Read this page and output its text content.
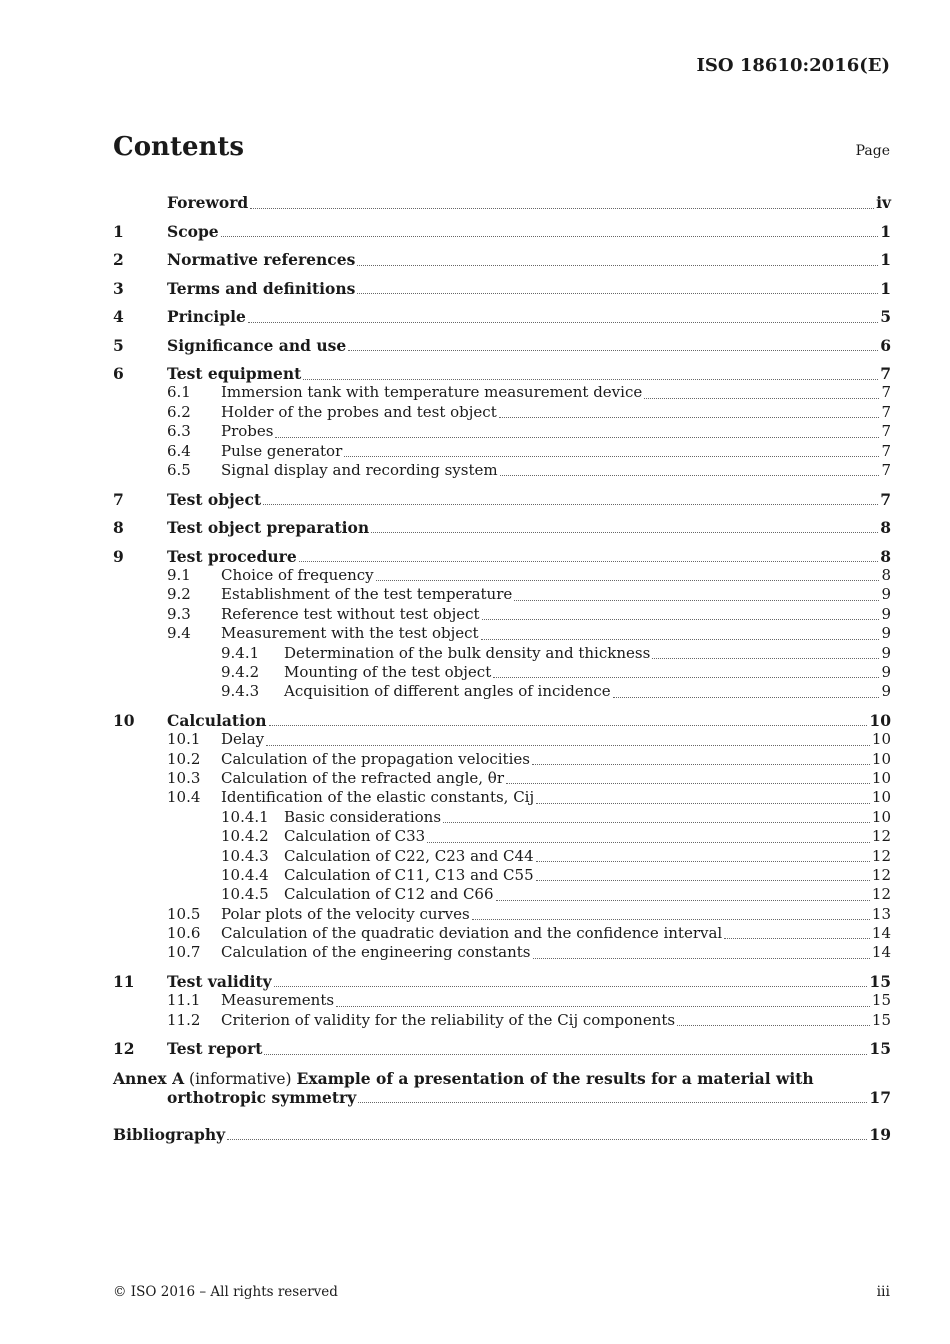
ISO 18610:2016(E)
Contents	Page
Foreword	iv
1	Scope	1
2	Normative references	1
3	Terms and definitions	1
4	Principle	5
5	Significance and use	6
6	Test equipment	7
6.1	Immersion tank with temperature measurement device	7
6.2	Holder of the probes and test object	7
6.3	Probes	7
6.4	Pulse generator	7
6.5	Signal display and recording system	7
7	Test object	7
8	Test object preparation	8
9	Test procedure	8
9.1	Choice of frequency	8
9.2	Establishment of the test temperature	9
9.3	Reference test without test object	9
9.4	Measurement with the test object	9
9.4.1	Determination of the bulk density and thickness	9
9.4.2	Mounting of the test object	9
9.4.3	Acquisition of different angles of incidence	9
10	Calculation	10
10.1	Delay	10
10.2	Calculation of the propagation velocities	10
10.3	Calculation of the refracted angle, θr	10
10.4	Identification of the elastic constants, Cij	10
10.4.1	Basic considerations	10
10.4.2	Calculation of C33	12
10.4.3	Calculation of C22, C23 and C44	12
10.4.4	Calculation of C11, C13 and C55	12
10.4.5	Calculation of C12 and C66	12
10.5	Polar plots of the velocity curves	13
10.6	Calculation of the quadratic deviation and the confidence interval	14
10.7	Calculation of the engineering constants	14
11	Test validity	15
11.1	Measurements	15
11.2	Criterion of validity for the reliability of the Cij components	15
12	Test report	15
Annex A (informative) Example of a presentation of the results for a material with
orthotropic symmetry	17
Bibliography	19
© ISO 2016 – All rights reserved	iii
